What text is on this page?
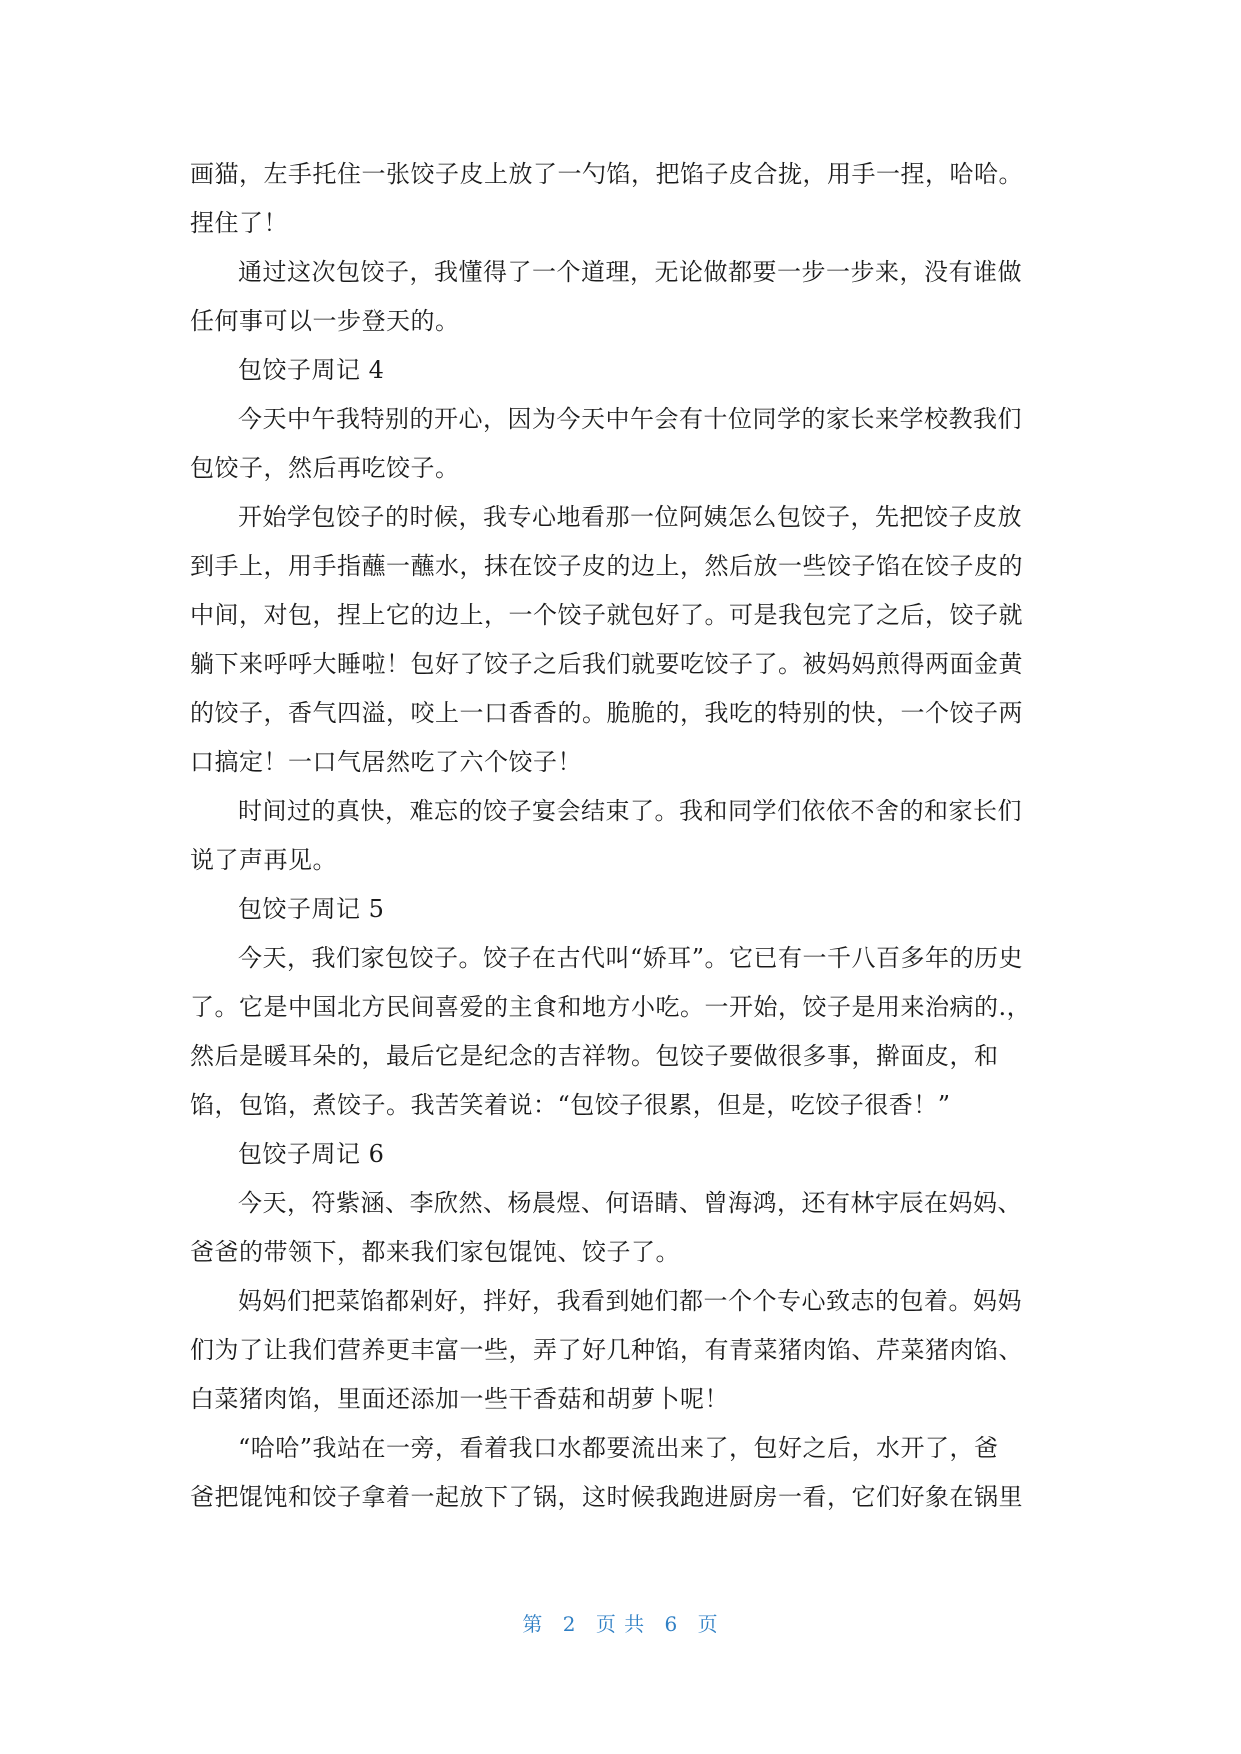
画猫，左手托住一张饺子皮上放了一勺馅，把馅子皮合拢，用手一捏，哈哈。
捏住了！
通过这次包饺子，我懂得了一个道理，无论做都要一步一步来，没有谁做
任何事可以一步登天的。
包饺子周记 4
今天中午我特别的开心，因为今天中午会有十位同学的家长来学校教我们
包饺子，然后再吃饺子。
开始学包饺子的时候，我专心地看那一位阿姨怎么包饺子，先把饺子皮放
到手上，用手指蘸一蘸水，抹在饺子皮的边上，然后放一些饺子馅在饺子皮的
中间，对包，捏上它的边上，一个饺子就包好了。可是我包完了之后，饺子就
躺下来呼呼大睡啦！包好了饺子之后我们就要吃饺子了。被妈妈煎得两面金黄
的饺子，香气四溢，咬上一口香香的。脆脆的，我吃的特别的快，一个饺子两
口搞定！一口气居然吃了六个饺子！
时间过的真快，难忘的饺子宴会结束了。我和同学们依依不舍的和家长们
说了声再见。
包饺子周记 5
今天，我们家包饺子。饺子在古代叫“娇耳”。它已有一千八百多年的历史
了。它是中国北方民间喜爱的主食和地方小吃。一开始，饺子是用来治病的.，
然后是暖耳朵的，最后它是纪念的吉祥物。包饺子要做很多事，擀面皮，和
馅，包馅，煮饺子。我苦笑着说：“包饺子很累，但是，吃饺子很香！”
包饺子周记 6
今天，符紫涵、李欣然、杨晨煜、何语睛、曾海鸿，还有林宇辰在妈妈、
爸爸的带领下，都来我们家包馄饨、饺子了。
妈妈们把菜馅都剁好，拌好，我看到她们都一个个专心致志的包着。妈妈
们为了让我们营养更丰富一些，弄了好几种馅，有青菜猪肉馅、芹菜猪肉馅、
白菜猪肉馅，里面还添加一些干香菇和胡萝卜呢！
“哈哈”我站在一旁，看着我口水都要流出来了，包好之后，水开了，爸
爸把馄饨和饺子拿着一起放下了锅，这时候我跑进厨房一看，它们好象在锅里
第 2 页 共 6 页
